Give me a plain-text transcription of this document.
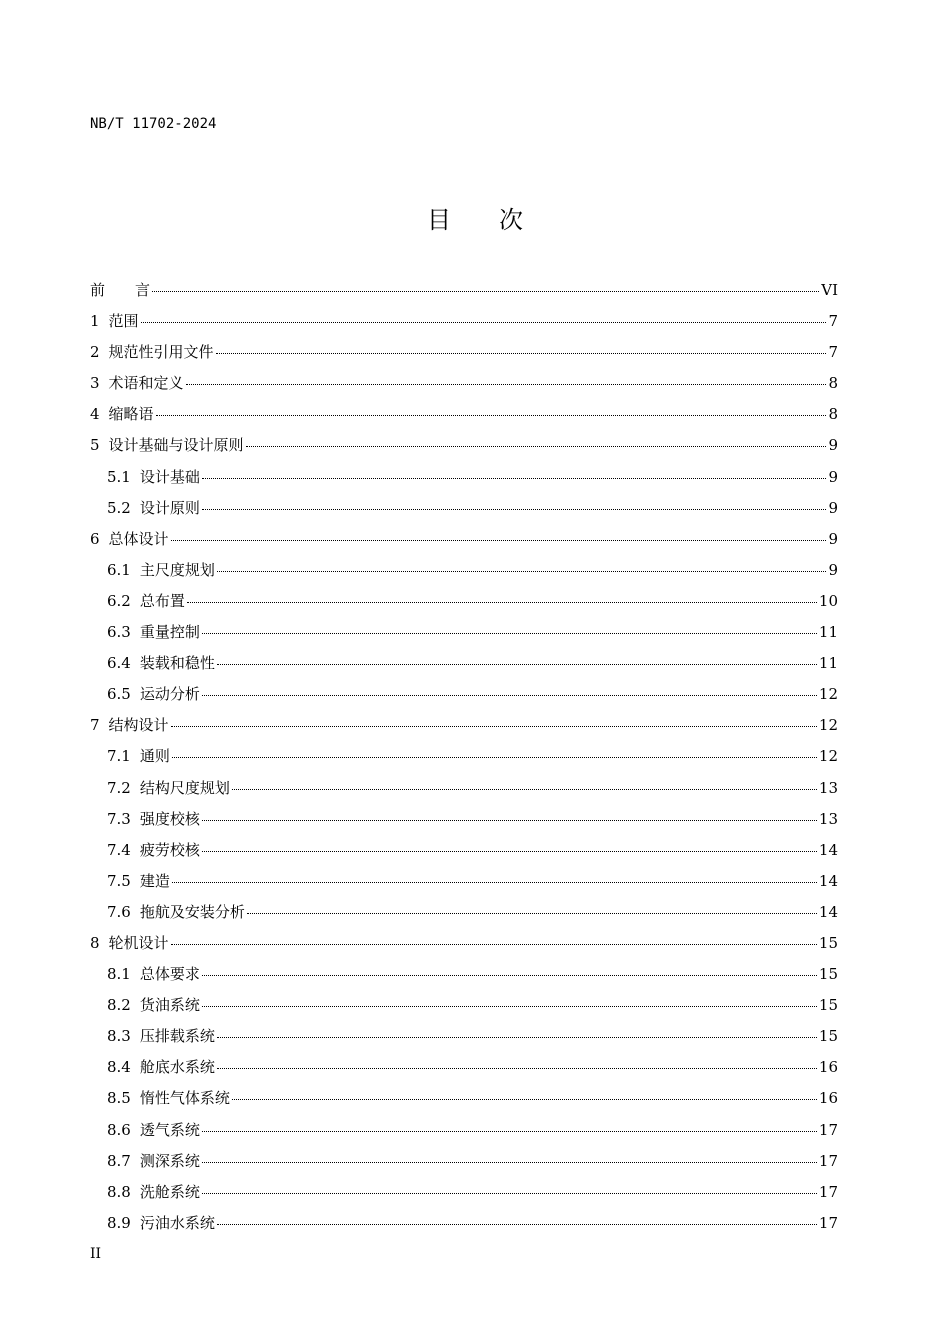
NB/T 11702-2024
目 次
前　　言	VI
1 范围	7
2 规范性引用文件	7
3 术语和定义	8
4 缩略语	8
5 设计基础与设计原则	9
5.1 设计基础	9
5.2 设计原则	9
6 总体设计	9
6.1 主尺度规划	9
6.2 总布置	10
6.3 重量控制	11
6.4 装载和稳性	11
6.5 运动分析	12
7 结构设计	12
7.1 通则	12
7.2 结构尺度规划	13
7.3 强度校核	13
7.4 疲劳校核	14
7.5 建造	14
7.6 拖航及安装分析	14
8 轮机设计	15
8.1 总体要求	15
8.2 货油系统	15
8.3 压排载系统	15
8.4 舱底水系统	16
8.5 惰性气体系统	16
8.6 透气系统	17
8.7 测深系统	17
8.8 洗舱系统	17
8.9 污油水系统	17
II
